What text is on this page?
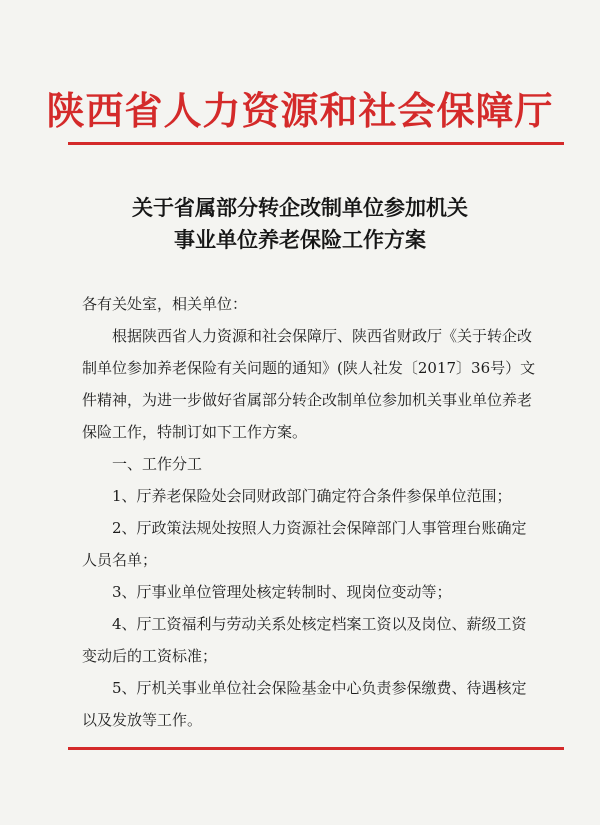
陕西省人力资源和社会保障厅
关于省属部分转企改制单位参加机关
事业单位养老保险工作方案

各有关处室，相关单位：

根据陕西省人力资源和社会保障厅、陕西省财政厅《关于转企改制单位参加养老保险有关问题的通知》(陕人社发〔2017〕36号）文件精神，为进一步做好省属部分转企改制单位参加机关事业单位养老保险工作，特制订如下工作方案。

一、工作分工

1、厅养老保险处会同财政部门确定符合条件参保单位范围；

2、厅政策法规处按照人力资源社会保障部门人事管理台账确定人员名单；

3、厅事业单位管理处核定转制时、现岗位变动等；

4、厅工资福利与劳动关系处核定档案工资以及岗位、薪级工资变动后的工资标准；

5、厅机关事业单位社会保险基金中心负责参保缴费、待遇核定以及发放等工作。
